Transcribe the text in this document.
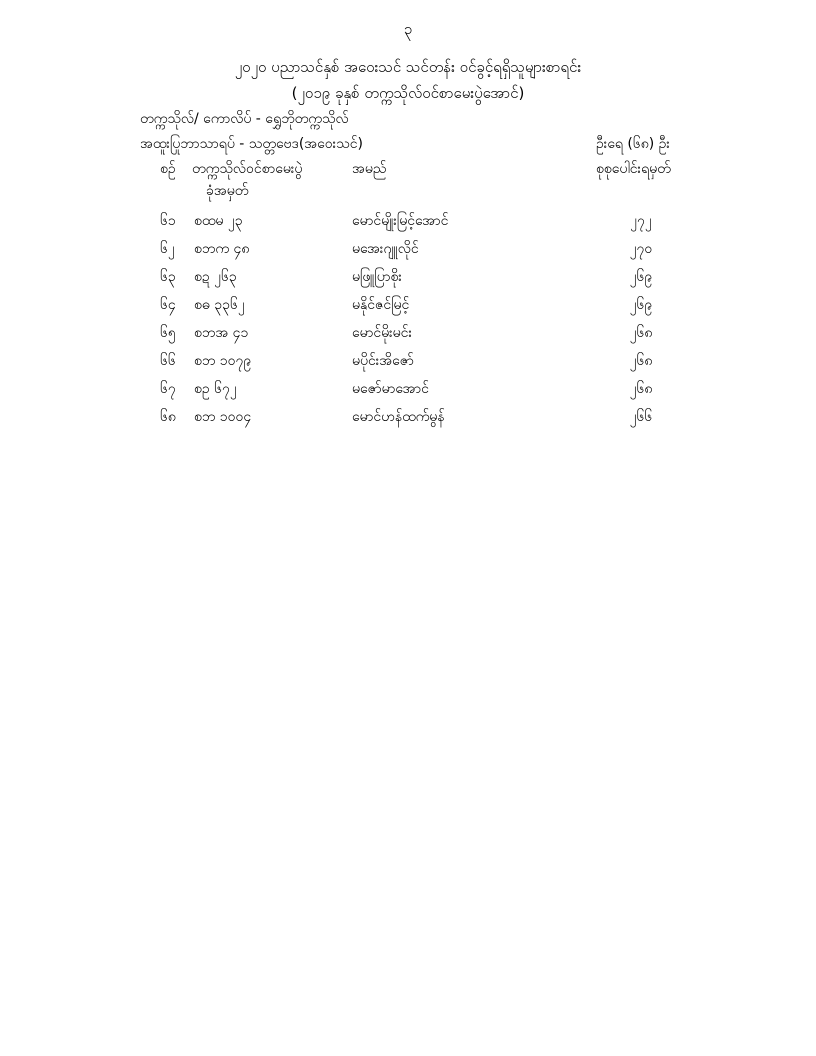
၃
၂၀၂၀ ပညာသင်နှစ် အဝေးသင် သင်တန်း ဝင်ခွင့်ရရှိသူများစာရင်း
(၂၀၁၉ ခုနှစ် တက္ကသိုလ်ဝင်စာမေးပွဲအောင်)
တက္ကသိုလ်/ ကောလိပ် - ရွှေဘိုတက္ကသိုလ်
အထူးပြုဘာသာရပ် - သတ္တဗေဒ(အဝေးသင်)	ဦးရေ (၆၈) ဦး
စဉ် တက္ကသိုလ်ဝင်စာမေးပွဲ
ခုံအမှတ်
အမည်	စုစုပေါင်းရမှတ်
၆၁ စထမ ၂၃	မောင်မျိုးမြင့်အောင်	၂၇၂
၆၂ စဘက ၄၈	မအေးဂျူလိုင်	၂၇၀
၆၃ စဍ ၂၆၃	မဖြူပြာစိုး	၂၆၉
၆၄ စဓ ၃၃၆၂	မနိုင်ဇင်မြင့်	၂၆၉
၆၅ စဘအ ၄၁	မောင်မိုးမင်း	၂၆၈
၆၆ စဘ ၁၀၇၉	မပိုင်းအိဇော်	၂၆၈
၆၇ စဥ ၆၇၂	မဇော်မာအောင်	၂၆၈
၆၈ စဘ ၁၀၀၄	မောင်ဟန်ထက်မွန်	၂၆၆
